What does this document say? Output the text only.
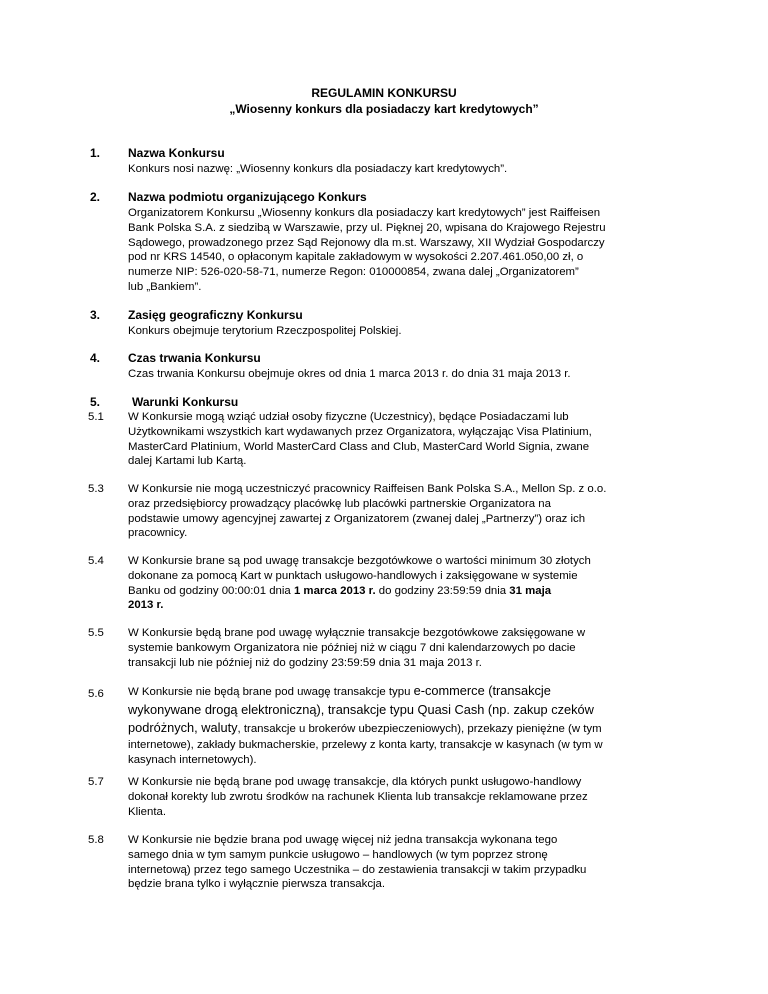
REGULAMIN KONKURSU
„Wiosenny konkurs dla posiadaczy kart kredytowych”
1. Nazwa Konkursu
Konkurs nosi nazwę: „Wiosenny konkurs dla posiadaczy kart kredytowych”.
2. Nazwa podmiotu organizującego Konkurs
Organizatorem Konkursu „Wiosenny konkurs dla posiadaczy kart kredytowych” jest Raiffeisen
Bank Polska S.A. z siedzibą w Warszawie, przy ul. Pięknej 20, wpisana do Krajowego Rejestru
Sądowego, prowadzonego przez Sąd Rejonowy dla m.st. Warszawy, XII Wydział Gospodarczy
pod nr KRS 14540, o opłaconym kapitale zakładowym w wysokości 2.207.461.050,00 zł, o
numerze NIP: 526-020-58-71, numerze Regon: 010000854, zwana dalej „Organizatorem”
lub „Bankiem”.
3. Zasięg geograficzny Konkursu
Konkurs obejmuje terytorium Rzeczpospolitej Polskiej.
4. Czas trwania Konkursu
Czas trwania Konkursu obejmuje okres od dnia 1 marca 2013 r. do dnia 31 maja 2013 r.
5.	Warunki Konkursu
5.1 W Konkursie mogą wziąć udział osoby fizyczne (Uczestnicy), będące Posiadaczami lub
Użytkownikami wszystkich kart wydawanych przez Organizatora, wyłączając Visa Platinium,
MasterCard Platinium, World MasterCard Class and Club, MasterCard World Signia, zwane
dalej Kartami lub Kartą.
5.3 W Konkursie nie mogą uczestniczyć pracownicy Raiffeisen Bank Polska S.A., Mellon Sp. z o.o.
oraz przedsiębiorcy prowadzący placówkę lub placówki partnerskie Organizatora na
podstawie umowy agencyjnej zawartej z Organizatorem (zwanej dalej „Partnerzy”) oraz ich
pracownicy.
5.4 W Konkursie brane są pod uwagę transakcje bezgotówkowe o wartości minimum 30 złotych
dokonane za pomocą Kart w punktach usługowo-handlowych i zaksięgowane w systemie
Banku od godziny 00:00:01 dnia 1 marca 2013 r. do godziny 23:59:59 dnia 31 maja
2013 r.
5.5 W Konkursie będą brane pod uwagę wyłącznie transakcje bezgotówkowe zaksięgowane w
systemie bankowym Organizatora nie później niż w ciągu 7 dni kalendarzowych po dacie
transakcji lub nie później niż do godziny 23:59:59 dnia 31 maja 2013 r.
5.6 W Konkursie nie będą brane pod uwagę transakcje typu e-commerce (transakcje
wykonywane drogą elektroniczną), transakcje typu Quasi Cash (np. zakup czeków
podróżnych, waluty, transakcje u brokerów ubezpieczeniowych), przekazy pieniężne (w tym
internetowe), zakłady bukmacherskie, przelewy z konta karty, transakcje w kasynach (w tym w
kasynach internetowych).
5.7 W Konkursie nie będą brane pod uwagę transakcje, dla których punkt usługowo-handlowy
dokonał korekty lub zwrotu środków na rachunek Klienta lub transakcje reklamowane przez
Klienta.
5.8 W Konkursie nie będzie brana pod uwagę więcej niż jedna transakcja wykonana tego
samego dnia w tym samym punkcie usługowo – handlowych (w tym poprzez stronę
internetową) przez tego samego Uczestnika – do zestawienia transakcji w takim przypadku
będzie brana tylko i wyłącznie pierwsza transakcja.
